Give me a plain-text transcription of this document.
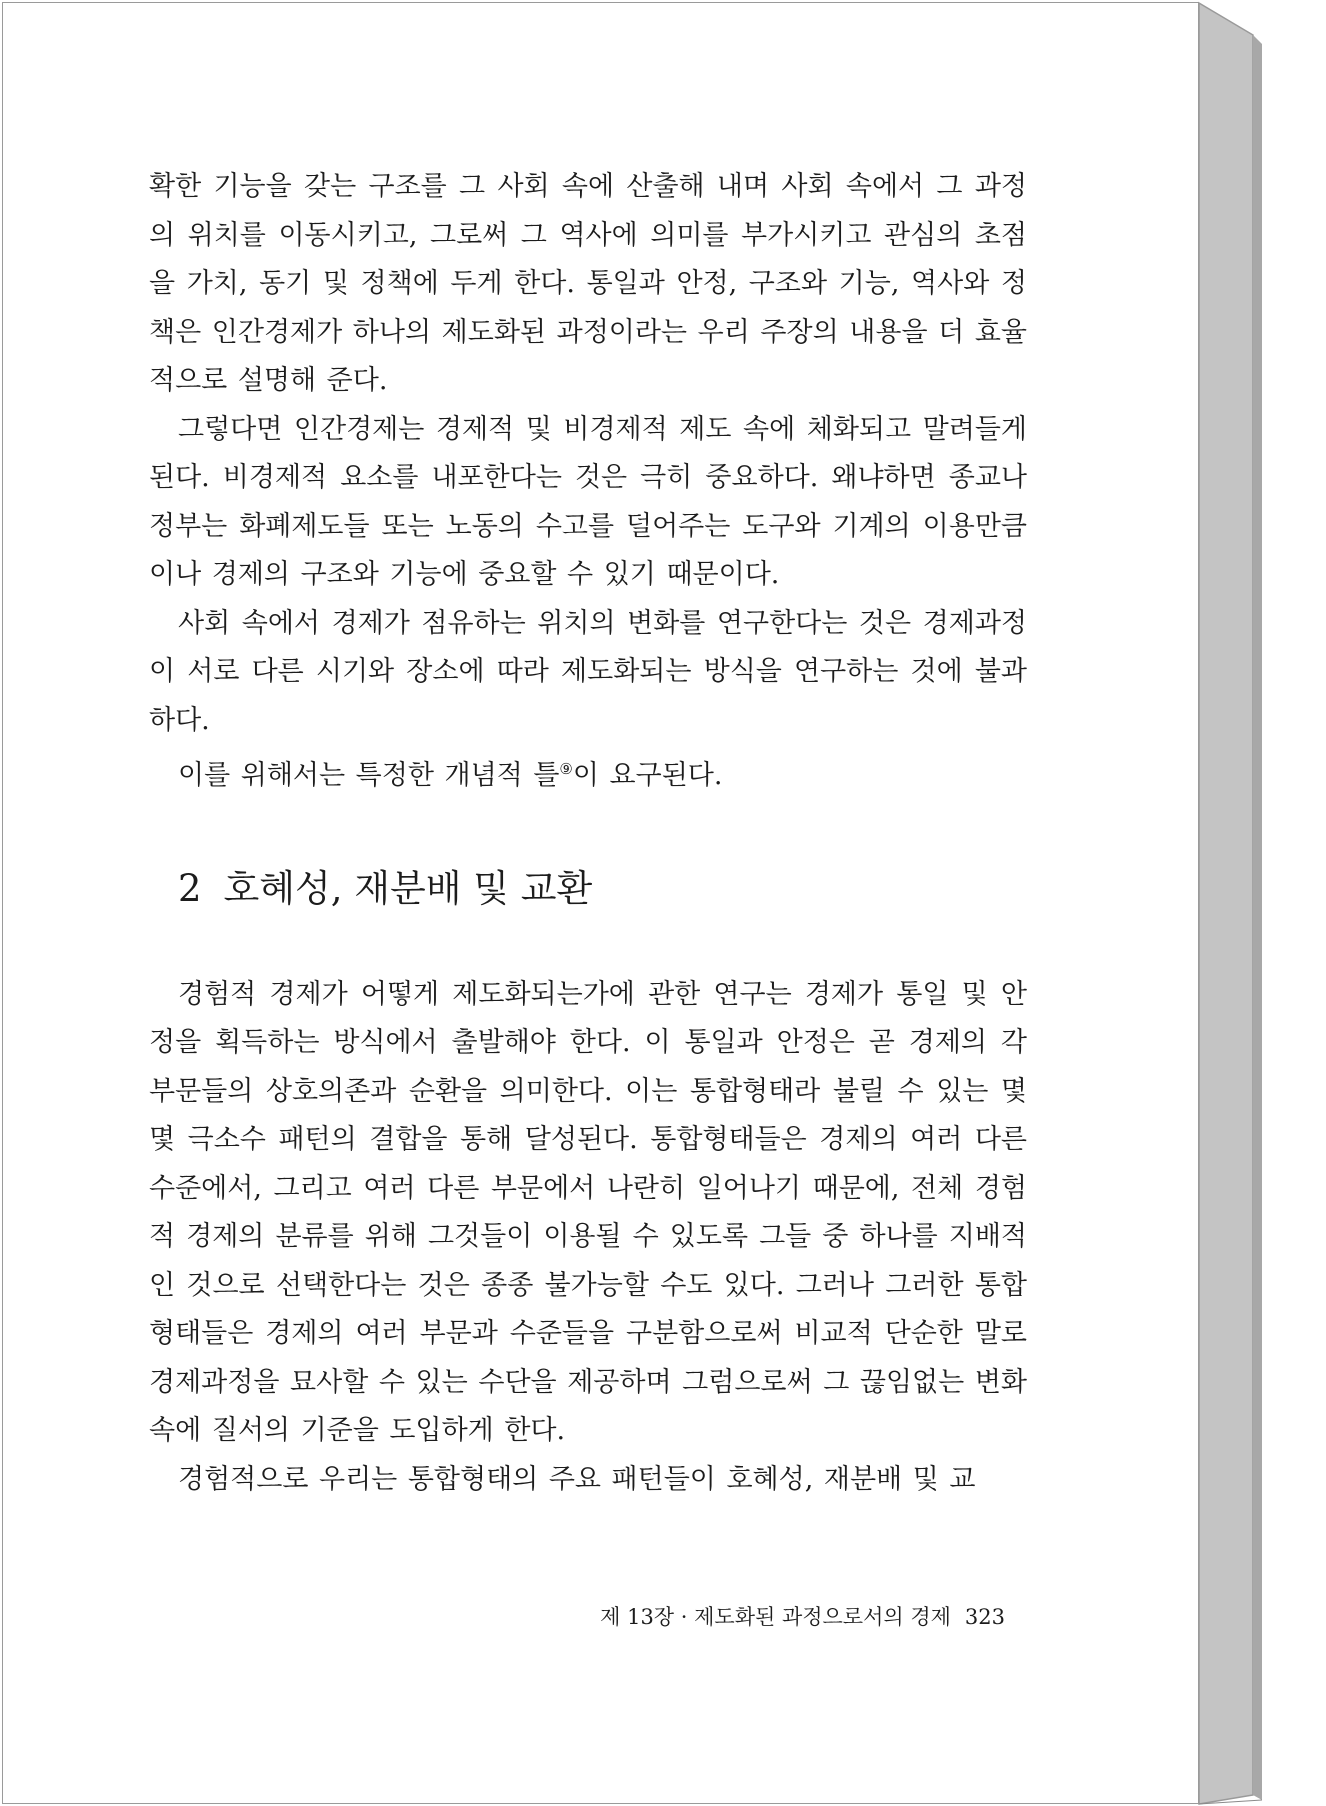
확한 기능을 갖는 구조를 그 사회 속에 산출해 내며 사회 속에서 그 과정의 위치를 이동시키고, 그로써 그 역사에 의미를 부가시키고 관심의 초점을 가치, 동기 및 정책에 두게 한다. 통일과 안정, 구조와 기능, 역사와 정책은 인간경제가 하나의 제도화된 과정이라는 우리 주장의 내용을 더 효율적으로 설명해 준다.

그렇다면 인간경제는 경제적 및 비경제적 제도 속에 체화되고 말려들게 된다. 비경제적 요소를 내포한다는 것은 극히 중요하다. 왜냐하면 종교나 정부는 화폐제도들 또는 노동의 수고를 덜어주는 도구와 기계의 이용만큼이나 경제의 구조와 기능에 중요할 수 있기 때문이다.

사회 속에서 경제가 점유하는 위치의 변화를 연구한다는 것은 경제과정이 서로 다른 시기와 장소에 따라 제도화되는 방식을 연구하는 것에 불과하다.

이를 위해서는 특정한 개념적 틀⑨이 요구된다.

2 호혜성, 재분배 및 교환

경험적 경제가 어떻게 제도화되는가에 관한 연구는 경제가 통일 및 안정을 획득하는 방식에서 출발해야 한다. 이 통일과 안정은 곧 경제의 각 부문들의 상호의존과 순환을 의미한다. 이는 통합형태라 불릴 수 있는 몇몇 극소수 패턴의 결합을 통해 달성된다. 통합형태들은 경제의 여러 다른 수준에서, 그리고 여러 다른 부문에서 나란히 일어나기 때문에, 전체 경험적 경제의 분류를 위해 그것들이 이용될 수 있도록 그들 중 하나를 지배적인 것으로 선택한다는 것은 종종 불가능할 수도 있다. 그러나 그러한 통합형태들은 경제의 여러 부문과 수준들을 구분함으로써 비교적 단순한 말로 경제과정을 묘사할 수 있는 수단을 제공하며 그럼으로써 그 끊임없는 변화 속에 질서의 기준을 도입하게 한다.

경험적으로 우리는 통합형태의 주요 패턴들이 호혜성, 재분배 및 교

제 13장 · 제도화된 과정으로서의 경제 323
